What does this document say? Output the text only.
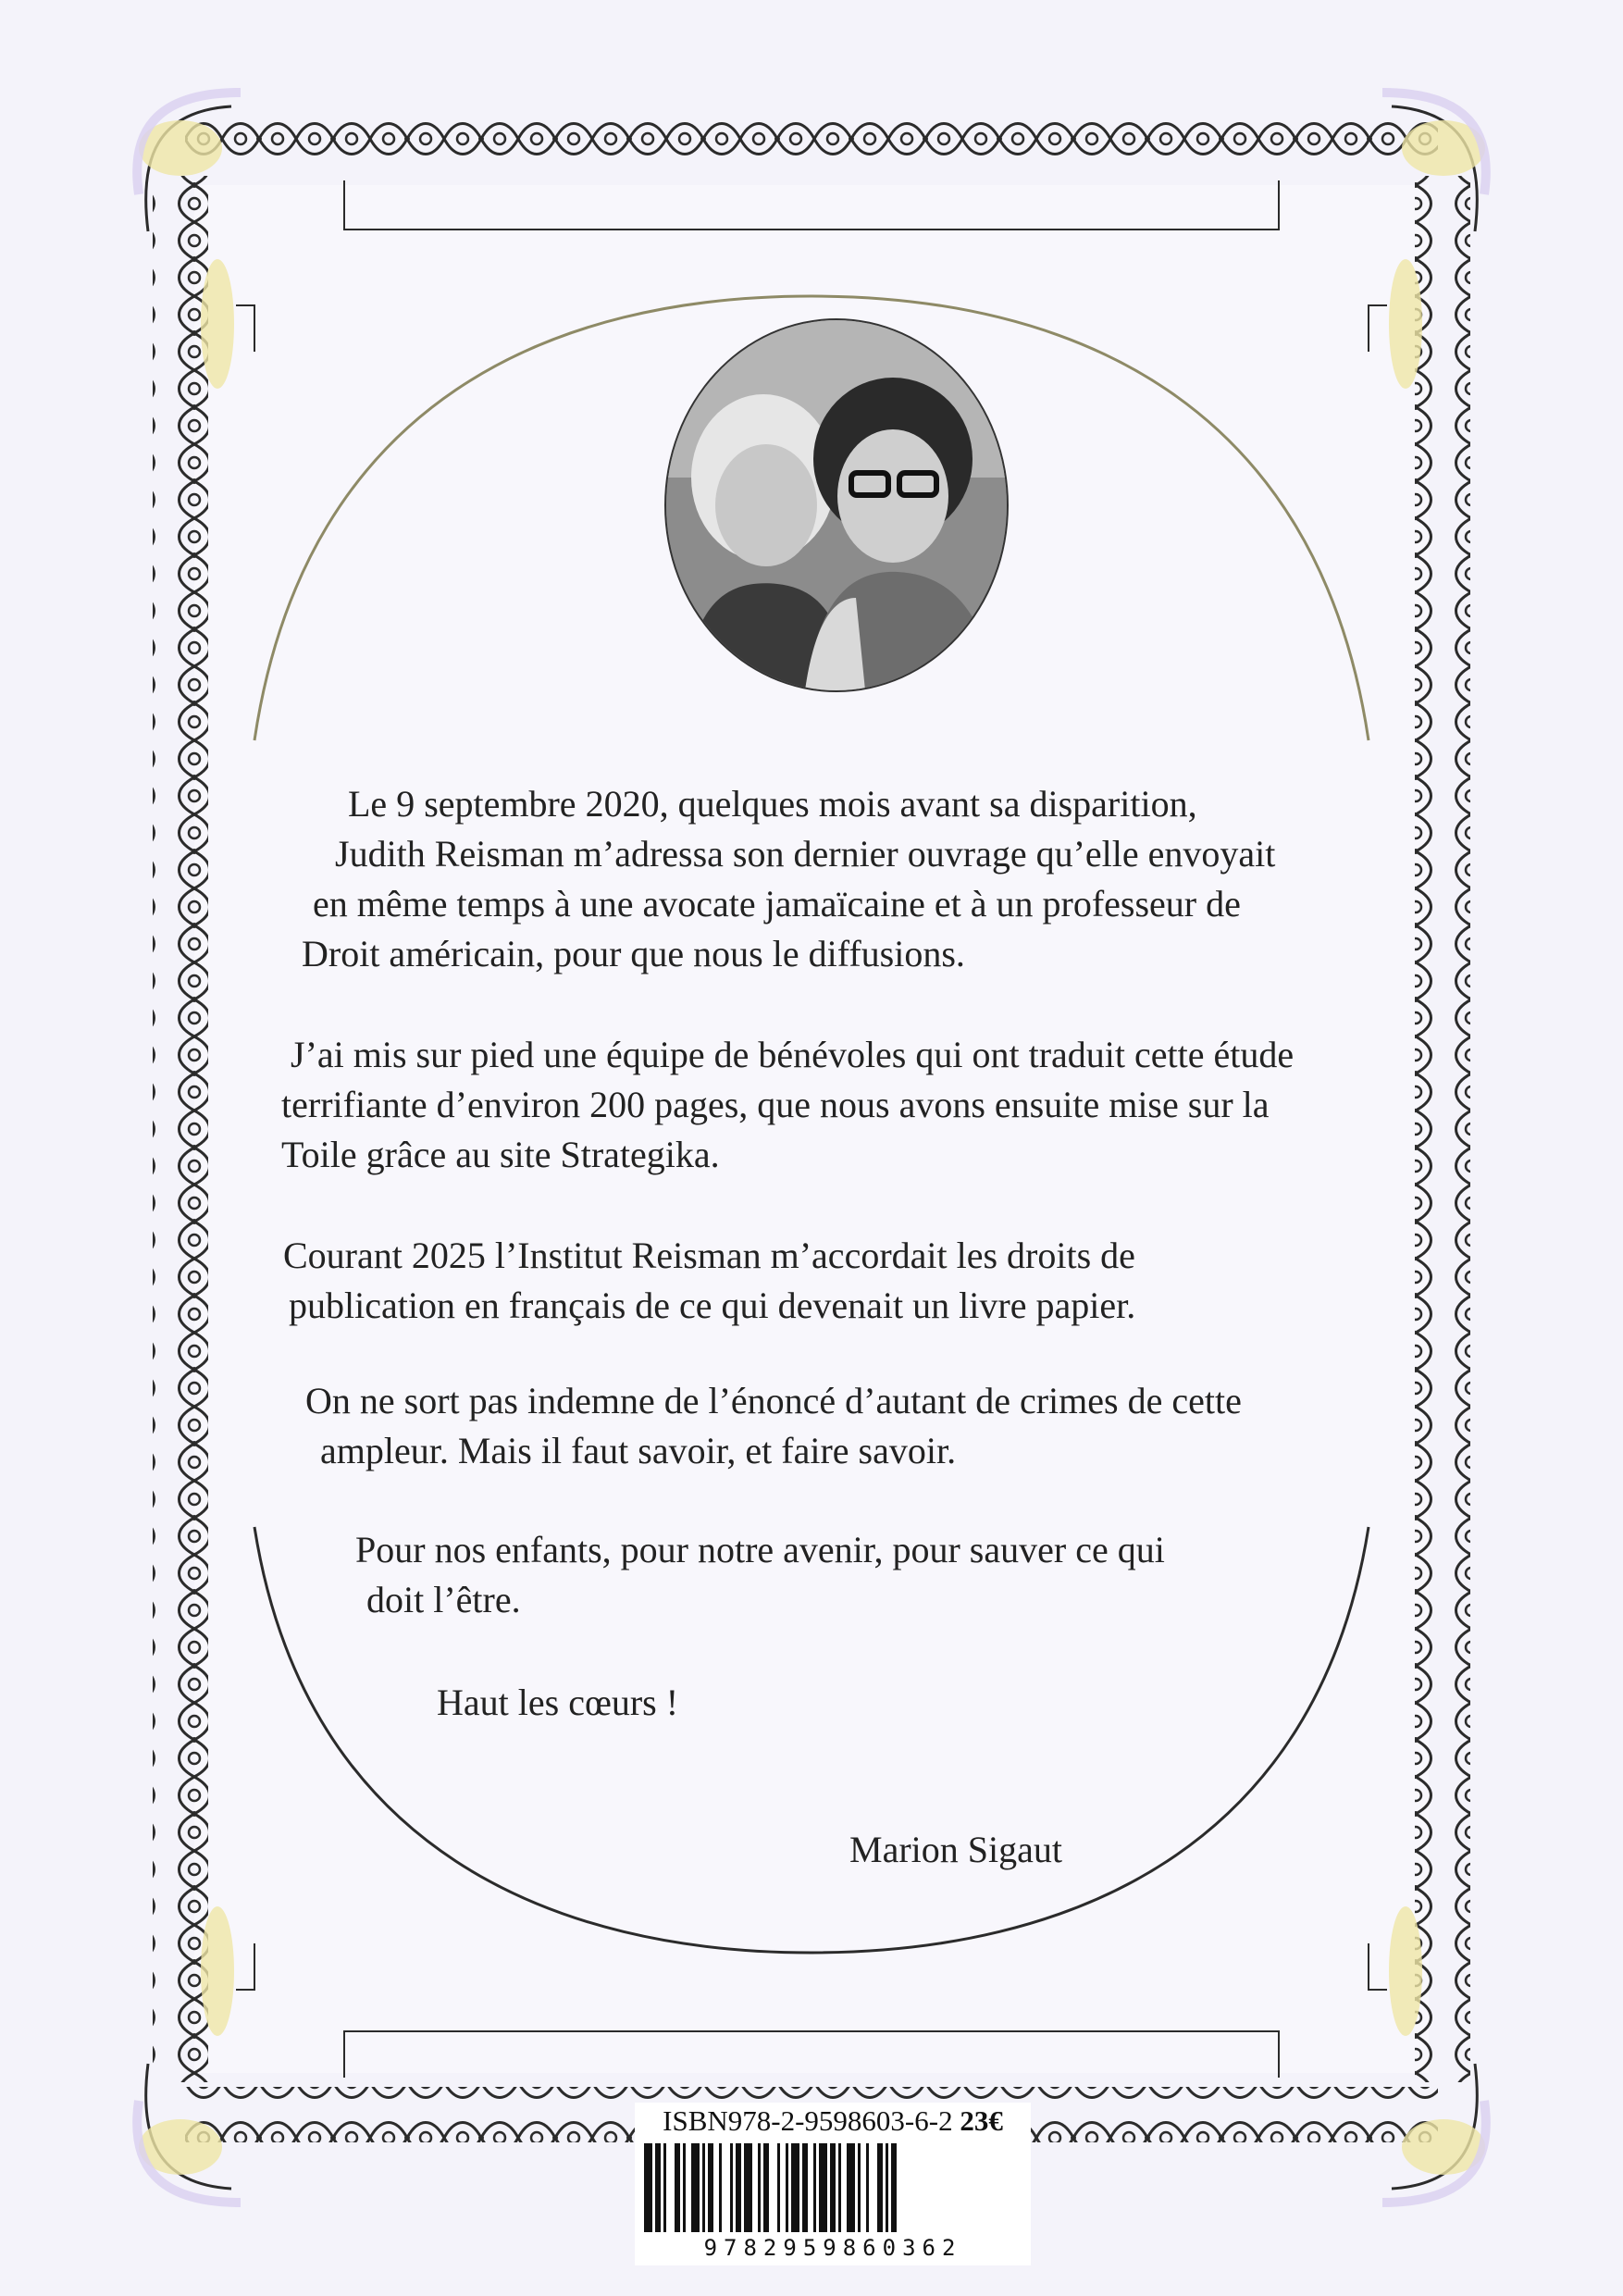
Le 9 septembre 2020, quelques mois avant sa disparition,
Judith Reisman m’adressa son dernier ouvrage qu’elle envoyait
en même temps à une avocate jamaïcaine et à un professeur de
Droit américain, pour que nous le diffusions.

J’ai mis sur pied une équipe de bénévoles qui ont traduit cette étude
terrifiante d’environ 200 pages, que nous avons ensuite mise sur la
Toile grâce au site Strategika.

Courant 2025 l’Institut Reisman m’accordait les droits de
publication en français de ce qui devenait un livre papier.

On ne sort pas indemne de l’énoncé d’autant de crimes de cette
ampleur. Mais il faut savoir, et faire savoir.

Pour nos enfants, pour notre avenir, pour sauver ce qui
doit l’être.

Haut les cœurs !

Marion Sigaut

ISBN978-2-9598603-6-2 23€
9782959860362
